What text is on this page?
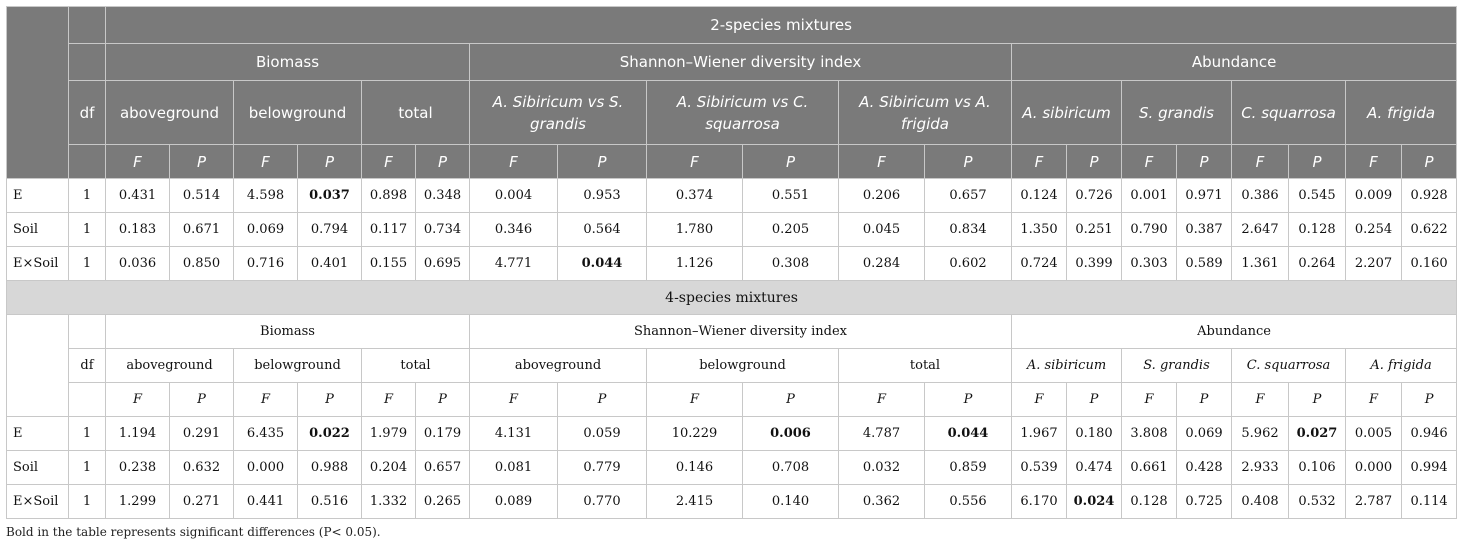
		2-species mixtures																			
		Biomass						Shannon–Wiener diversity index						Abundance							
	df	aboveground		belowground		total		A. Sibiricum vs S. grandis		A. Sibiricum vs C. squarrosa		A. Sibiricum vs A. frigida		A. sibiricum		S. grandis		C. squarrosa		A. frigida	
		F	P	F	P	F	P	F	P	F	P	F	P	F	P	F	P	F	P	F	P
E	1	0.431	0.514	4.598	0.037	0.898	0.348	0.004	0.953	0.374	0.551	0.206	0.657	0.124	0.726	0.001	0.971	0.386	0.545	0.009	0.928
Soil	1	0.183	0.671	0.069	0.794	0.117	0.734	0.346	0.564	1.780	0.205	0.045	0.834	1.350	0.251	0.790	0.387	2.647	0.128	0.254	0.622
E×Soil	1	0.036	0.850	0.716	0.401	0.155	0.695	4.771	0.044	1.126	0.308	0.284	0.602	0.724	0.399	0.303	0.589	1.361	0.264	2.207	0.160
4-species mixtures																					
		Biomass						Shannon–Wiener diversity index						Abundance							
	df	aboveground		belowground		total		aboveground		belowground		total		A. sibiricum		S. grandis		C. squarrosa		A. frigida	
		F	P	F	P	F	P	F	P	F	P	F	P	F	P	F	P	F	P	F	P
E	1	1.194	0.291	6.435	0.022	1.979	0.179	4.131	0.059	10.229	0.006	4.787	0.044	1.967	0.180	3.808	0.069	5.962	0.027	0.005	0.946
Soil	1	0.238	0.632	0.000	0.988	0.204	0.657	0.081	0.779	0.146	0.708	0.032	0.859	0.539	0.474	0.661	0.428	2.933	0.106	0.000	0.994
E×Soil	1	1.299	0.271	0.441	0.516	1.332	0.265	0.089	0.770	2.415	0.140	0.362	0.556	6.170	0.024	0.128	0.725	0.408	0.532	2.787	0.114
Bold in the table represents significant differences (P< 0.05).
